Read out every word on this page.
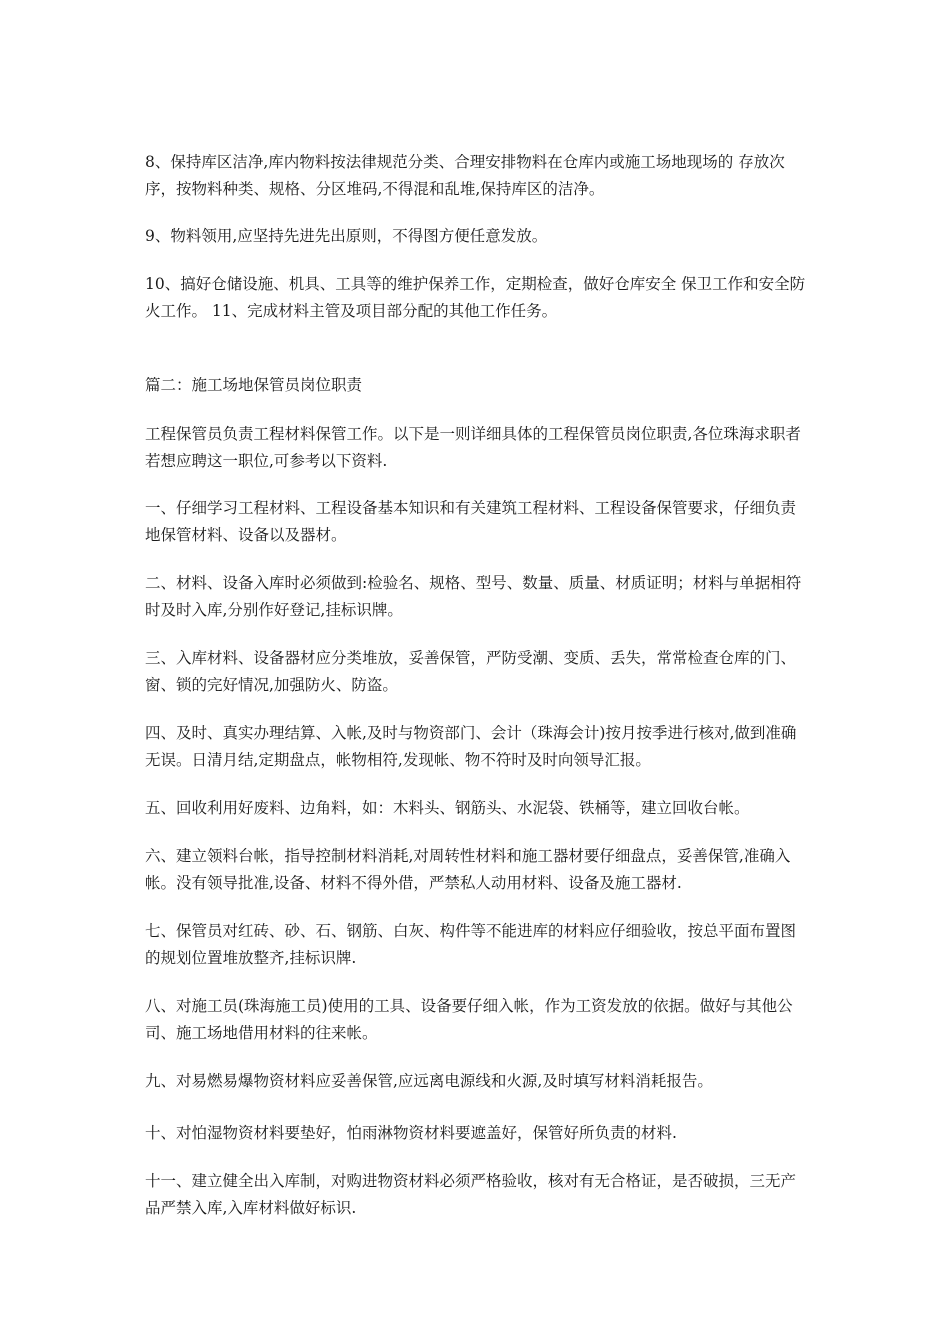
8、保持库区洁净,库内物料按法律规范分类、合理安排物料在仓库内或施工场地现场的 存放次序，按物料种类、规格、分区堆码,不得混和乱堆,保持库区的洁净。

9、物料领用,应坚持先进先出原则，不得图方便任意发放。

10、搞好仓储设施、机具、工具等的维护保养工作，定期检查，做好仓库安全 保卫工作和安全防火工作。 11、完成材料主管及项目部分配的其他工作任务。

篇二：施工场地保管员岗位职责

工程保管员负责工程材料保管工作。以下是一则详细具体的工程保管员岗位职责,各位珠海求职者若想应聘这一职位,可参考以下资料.

一、仔细学习工程材料、工程设备基本知识和有关建筑工程材料、工程设备保管要求，仔细负责地保管材料、设备以及器材。

二、材料、设备入库时必须做到:检验名、规格、型号、数量、质量、材质证明；材料与单据相符时及时入库,分别作好登记,挂标识牌。

三、入库材料、设备器材应分类堆放，妥善保管，严防受潮、变质、丢失，常常检查仓库的门、窗、锁的完好情况,加强防火、防盗。

四、及时、真实办理结算、入帐,及时与物资部门、会计（珠海会计)按月按季进行核对,做到准确无误。日清月结,定期盘点，帐物相符,发现帐、物不符时及时向领导汇报。

五、回收利用好废料、边角料，如：木料头、钢筋头、水泥袋、铁桶等，建立回收台帐。

六、建立领料台帐，指导控制材料消耗,对周转性材料和施工器材要仔细盘点，妥善保管,准确入帐。没有领导批准,设备、材料不得外借，严禁私人动用材料、设备及施工器材.

七、保管员对红砖、砂、石、钢筋、白灰、构件等不能进库的材料应仔细验收，按总平面布置图的规划位置堆放整齐,挂标识牌.

八、对施工员(珠海施工员)使用的工具、设备要仔细入帐，作为工资发放的依据。做好与其他公司、施工场地借用材料的往来帐。

九、对易燃易爆物资材料应妥善保管,应远离电源线和火源,及时填写材料消耗报告。

十、对怕湿物资材料要垫好，怕雨淋物资材料要遮盖好，保管好所负责的材料.

十一、建立健全出入库制，对购进物资材料必须严格验收，核对有无合格证，是否破损，三无产品严禁入库,入库材料做好标识.
